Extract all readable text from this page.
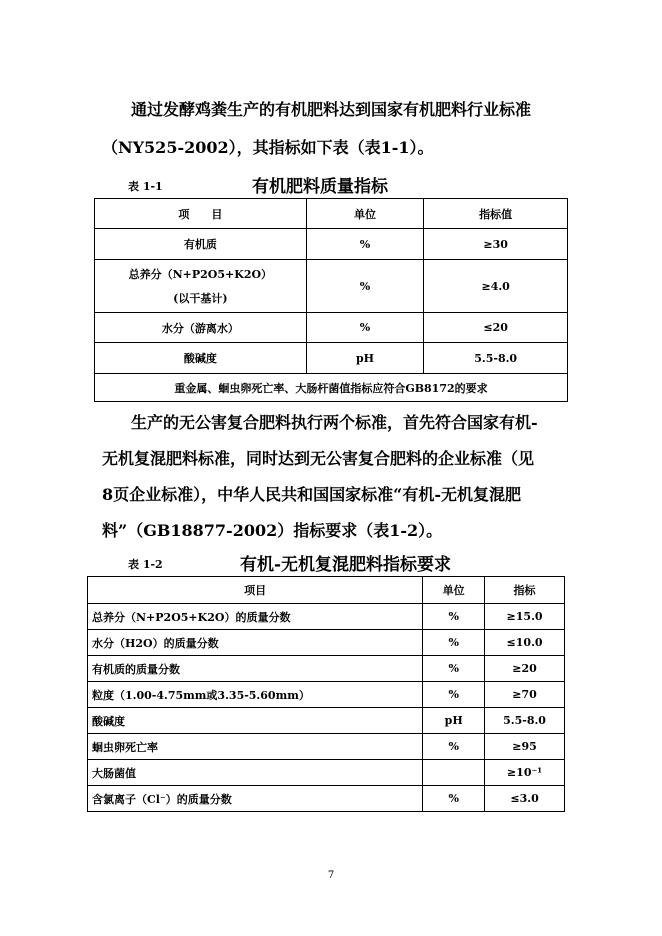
通过发酵鸡粪生产的有机肥料达到国家有机肥料行业标准
（NY525-2002），其指标如下表（表1-1）。
表 1-1	有机肥料质量指标
项　　目	单位	指标值
有机质	%	≥30

总养分（N+P2O5+K2O）
(以干基计)	%	≥4.0
水分（游离水）	%	≤20
酸碱度	pH	5.5-8.0
重金属、蛔虫卵死亡率、大肠杆菌值指标应符合GB8172的要求		
生产的无公害复合肥料执行两个标准，首先符合国家有机-
无机复混肥料标准，同时达到无公害复合肥料的企业标准（见
8页企业标准），中华人民共和国国家标准“有机-无机复混肥
料”（GB18877-2002）指标要求（表1-2）。
表 1-2	有机-无机复混肥料指标要求
项目	单位	指标
总养分（N+P2O5+K2O）的质量分数	%	≥15.0
水分（H2O）的质量分数	%	≤10.0
有机质的质量分数	%	≥20
粒度（1.00-4.75mm或3.35-5.60mm）	%	≥70
酸碱度	pH	5.5-8.0
蛔虫卵死亡率	%	≥95
大肠菌值		≥10⁻¹
含氯离子（Cl⁻）的质量分数	%	≤3.0
7
